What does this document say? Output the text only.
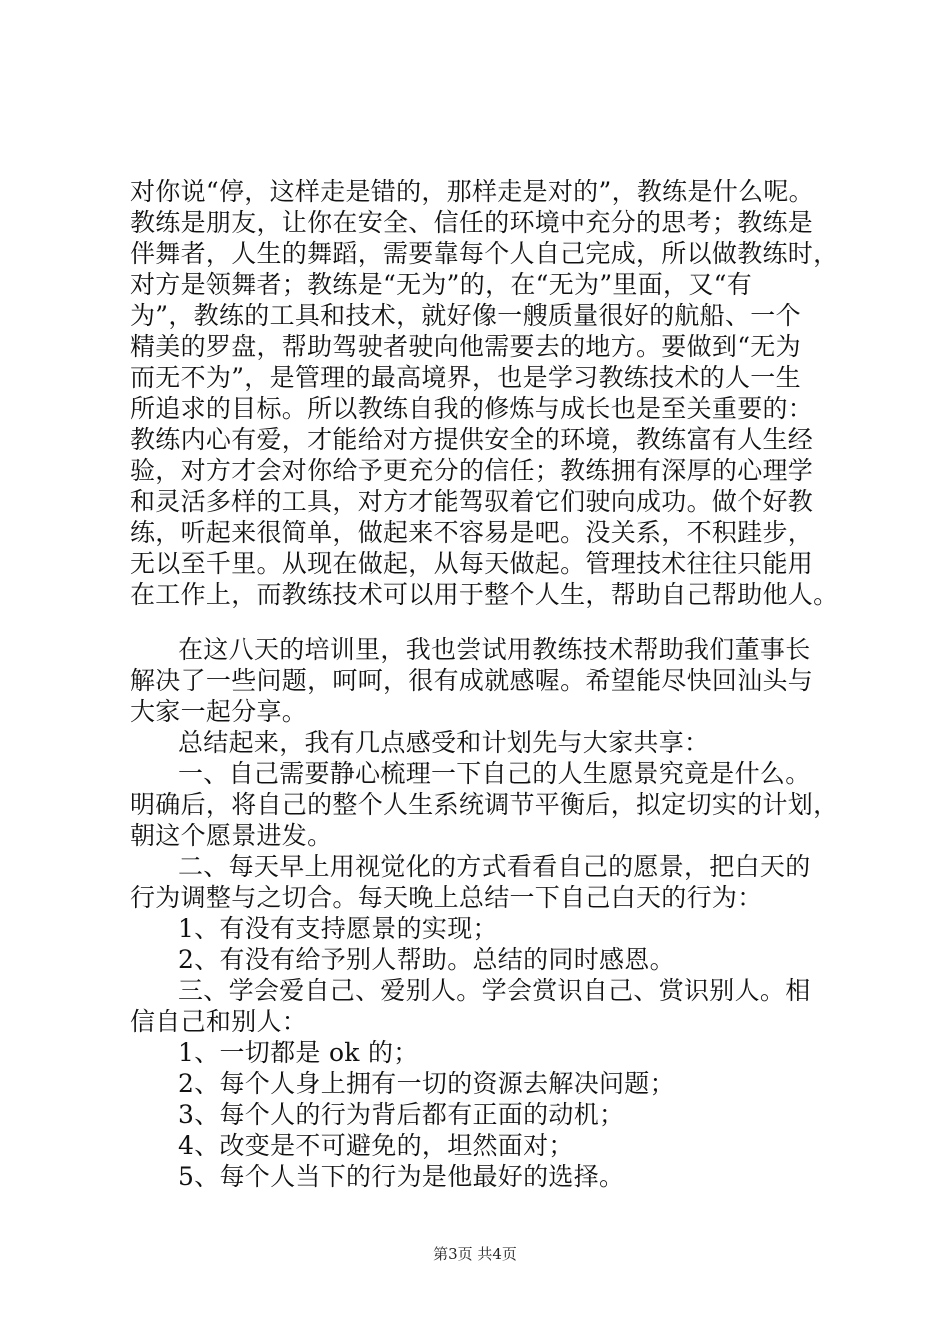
对你说“停，这样走是错的，那样走是对的”，教练是什么呢。
教练是朋友，让你在安全、信任的环境中充分的思考；教练是
伴舞者，人生的舞蹈，需要靠每个人自己完成，所以做教练时，
对方是领舞者；教练是“无为”的，在“无为”里面，又“有
为”，教练的工具和技术，就好像一艘质量很好的航船、一个
精美的罗盘，帮助驾驶者驶向他需要去的地方。要做到“无为
而无不为”，是管理的最高境界，也是学习教练技术的人一生
所追求的目标。所以教练自我的修炼与成长也是至关重要的：
教练内心有爱，才能给对方提供安全的环境，教练富有人生经
验，对方才会对你给予更充分的信任；教练拥有深厚的心理学
和灵活多样的工具，对方才能驾驭着它们驶向成功。做个好教
练，听起来很简单，做起来不容易是吧。没关系，不积跬步，
无以至千里。从现在做起，从每天做起。管理技术往往只能用
在工作上，而教练技术可以用于整个人生，帮助自己帮助他人。
在这八天的培训里，我也尝试用教练技术帮助我们董事长
解决了一些问题，呵呵，很有成就感喔。希望能尽快回汕头与
大家一起分享。
总结起来，我有几点感受和计划先与大家共享：
一、自己需要静心梳理一下自己的人生愿景究竟是什么。
明确后，将自己的整个人生系统调节平衡后，拟定切实的计划，
朝这个愿景进发。
二、每天早上用视觉化的方式看看自己的愿景，把白天的
行为调整与之切合。每天晚上总结一下自己白天的行为：
1、有没有支持愿景的实现；
2、有没有给予别人帮助。总结的同时感恩。
三、学会爱自己、爱别人。学会赏识自己、赏识别人。相
信自己和别人：
1、一切都是 ok 的；
2、每个人身上拥有一切的资源去解决问题；
3、每个人的行为背后都有正面的动机；
4、改变是不可避免的，坦然面对；
5、每个人当下的行为是他最好的选择。
第3页 共4页
